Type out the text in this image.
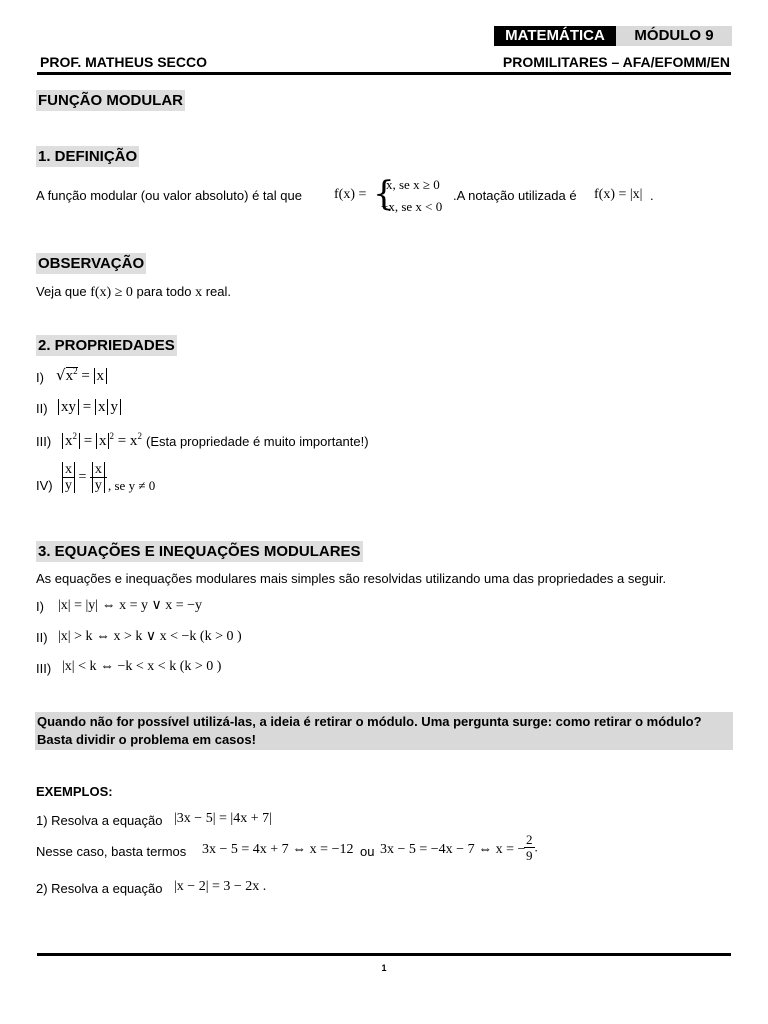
MATEMÁTICA	MÓDULO 9
PROF. MATHEUS SECCO	PROMILITARES – AFA/EFOMM/EN
FUNÇÃO MODULAR
1. DEFINIÇÃO
A função modular (ou valor absoluto) é tal que f(x) = {
x, se x ≥ 0
−x, se x < 0
.A notação utilizada é f(x) = |x| .
OBSERVAÇÃO
Veja que f(x) ≥ 0 para todo x real.
2. PROPRIEDADES
I) $√x^2 = x$
II) xy = x y
III) $x^2 = x$ $^2 = x^2$ (Esta propriedade é muito importante!)
$IV) \frac{x}{y} = \frac{x}{y}$ , se y ≠ 0
3. EQUAÇÕES E INEQUAÇÕES MODULARES
As equações e inequações modulares mais simples são resolvidas utilizando uma das propriedades a seguir.
I) |x| = |y| ⇔ x = y ∨ x = −y
II) |x| > k ⇔ x > k ∨ x < −k (k > 0 )
III) |x| < k ⇔ −k < x < k (k > 0 )
Quando não for possível utilizá-las, a ideia é retirar o módulo. Uma pergunta surge: como retirar o módulo? Basta dividir o problema em casos!
EXEMPLOS:
1) Resolva a equação |3x − 5| = |4x + 7|
Nesse caso, basta termos 3x − 5 = 4x + 7 ⇔ x = −12 ou 3x − 5 = −4x − 7 ⇔ x = −
$\frac{2}{9}$ .
2) Resolva a equação |x − 2| = 3 − 2x .
1
